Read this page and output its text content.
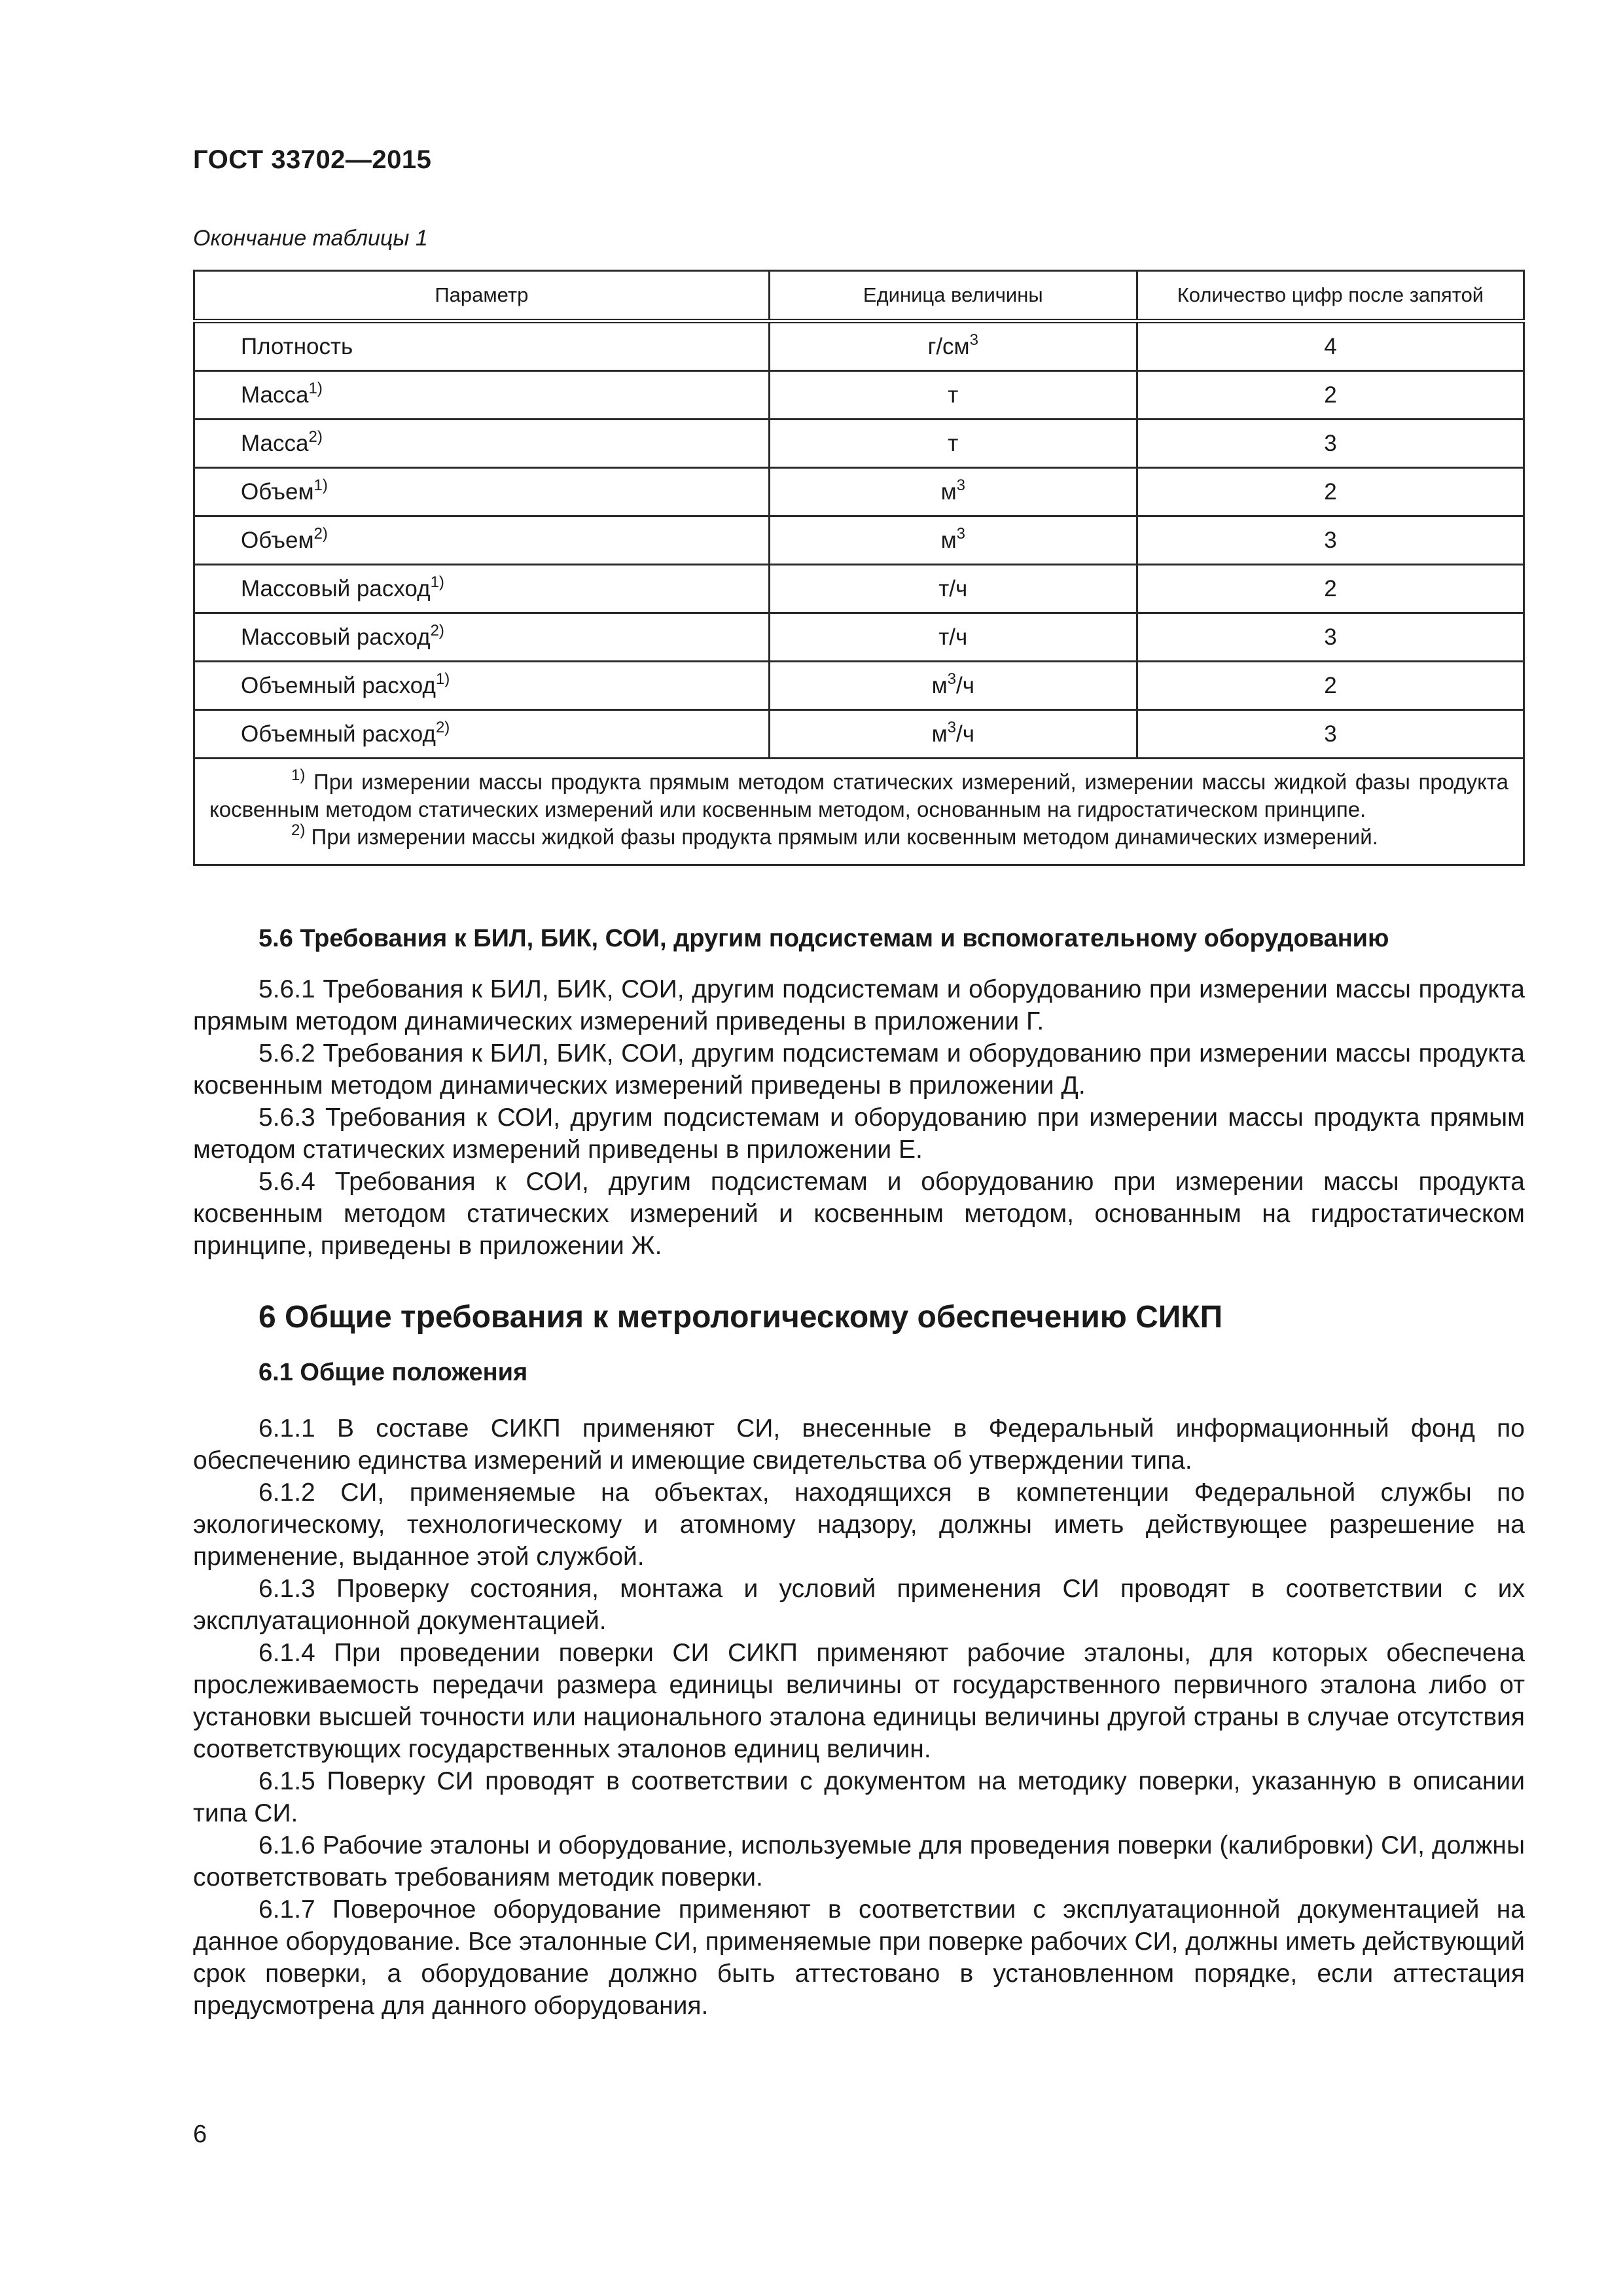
ГОСТ 33702—2015
Окончание таблицы 1
Параметр	Единица величины	Количество цифр после запятой
Плотность	$г/см^3$	4
Масса$^{1)}$	т	2
Масса$^{2)}$	т	3
Объем$^{1)}$	$м^3$	2
Объем$^{2)}$	$м^3$	3
Массовый расход$^{1)}$	т/ч	2
Массовый расход$^{2)}$	т/ч	3
Объемный расход$^{1)}$	$м^3/ч$	2
Объемный расход$^{2)}$	$м^3/ч$	3

$^{1)}$ При измерении массы продукта прямым методом статических измерений, измерении массы жидкой фазы продукта косвенным методом статических измерений или косвенным методом, основанным на гидростатическом принципе.
$^{2)}$ При измерении массы жидкой фазы продукта прямым или косвенным методом динамических измерений.		
5.6 Требования к БИЛ, БИК, СОИ, другим подсистемам и вспомогательному оборудованию

5.6.1 Требования к БИЛ, БИК, СОИ, другим подсистемам и оборудованию при измерении массы продукта прямым методом динамических измерений приведены в приложении Г.

5.6.2 Требования к БИЛ, БИК, СОИ, другим подсистемам и оборудованию при измерении массы продукта косвенным методом динамических измерений приведены в приложении Д.

5.6.3 Требования к СОИ, другим подсистемам и оборудованию при измерении массы продукта прямым методом статических измерений приведены в приложении Е.

5.6.4 Требования к СОИ, другим подсистемам и оборудованию при измерении массы продукта косвенным методом статических измерений и косвенным методом, основанным на гидростатическом принципе, приведены в приложении Ж.

6 Общие требования к метрологическому обеспечению СИКП
6.1 Общие положения

6.1.1 В составе СИКП применяют СИ, внесенные в Федеральный информационный фонд по обеспечению единства измерений и имеющие свидетельства об утверждении типа.

6.1.2 СИ, применяемые на объектах, находящихся в компетенции Федеральной службы по экологическому, технологическому и атомному надзору, должны иметь действующее разрешение на применение, выданное этой службой.

6.1.3 Проверку состояния, монтажа и условий применения СИ проводят в соответствии с их эксплуатационной документацией.

6.1.4 При проведении поверки СИ СИКП применяют рабочие эталоны, для которых обеспечена прослеживаемость передачи размера единицы величины от государственного первичного эталона либо от установки высшей точности или национального эталона единицы величины другой страны в случае отсутствия соответствующих государственных эталонов единиц величин.

6.1.5 Поверку СИ проводят в соответствии с документом на методику поверки, указанную в описании типа СИ.

6.1.6 Рабочие эталоны и оборудование, используемые для проведения поверки (калибровки) СИ, должны соответствовать требованиям методик поверки.

6.1.7 Поверочное оборудование применяют в соответствии с эксплуатационной документацией на данное оборудование. Все эталонные СИ, применяемые при поверке рабочих СИ, должны иметь действующий срок поверки, а оборудование должно быть аттестовано в установленном порядке, если аттестация предусмотрена для данного оборудования.

6
